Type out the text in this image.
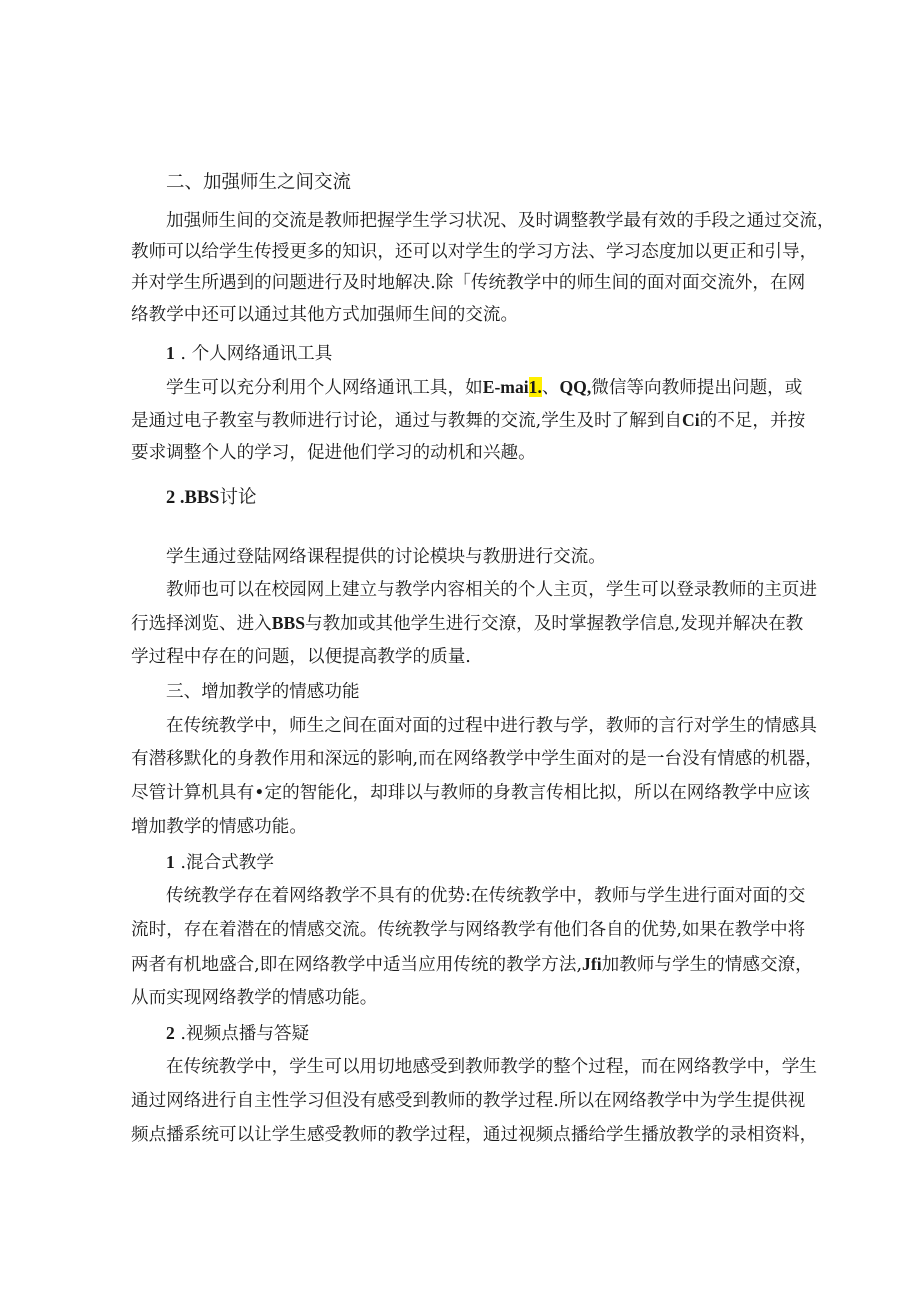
二、加强师生之间交流
加强师生间的交流是教师把握学生学习状况、及时调整教学最有效的手段之通过交流，
教师可以给学生传授更多的知识，还可以对学生的学习方法、学习态度加以更正和引导，
并对学生所遇到的问题进行及时地解决.除「传统教学中的师生间的面对面交流外，在网
络教学中还可以通过其他方式加强师生间的交流。
1 . 个人网络通讯工具
学生可以充分利用个人网络通讯工具，如E-mai1.、QQ,微信等向教师提出问题，或
是通过电子教室与教师进行讨论，通过与教舞的交流,学生及时了解到自Ci的不足，并按
要求调整个人的学习，促进他们学习的动机和兴趣。
2 .BBS讨论
学生通过登陆网络课程提供的讨论模块与教册进行交流。
教师也可以在校园网上建立与教学内容相关的个人主页，学生可以登录教师的主页进
行选择浏览、进入BBS与教加或其他学生进行交潦，及时掌握教学信息,发现并解决在教
学过程中存在的问题，以便提高教学的质量.
三、增加教学的情感功能
在传统教学中，师生之间在面对面的过程中进行教与学，教师的言行对学生的情感具
有潜移默化的身教作用和深远的影响,而在网络教学中学生面对的是一台没有情感的机器，
尽管计算机具有•定的智能化，却琲以与教师的身教言传相比拟，所以在网络教学中应该
增加教学的情感功能。
1 .混合式教学
传统教学存在着网络教学不具有的优势:在传统教学中，教师与学生进行面对面的交
流时，存在着潜在的情感交流。传统教学与网络教学有他们各自的优势,如果在教学中将
两者有机地盛合,即在网络教学中适当应用传统的教学方法,Jfi加教师与学生的情感交潦，
从而实现网络教学的情感功能。
2 .视频点播与答疑
在传统教学中，学生可以用切地感受到教师教学的整个过程，而在网络教学中，学生
通过网络进行自主性学习但没有感受到教师的教学过程.所以在网络教学中为学生提供视
频点播系统可以让学生感受教师的教学过程，通过视频点播给学生播放教学的录相资料，
